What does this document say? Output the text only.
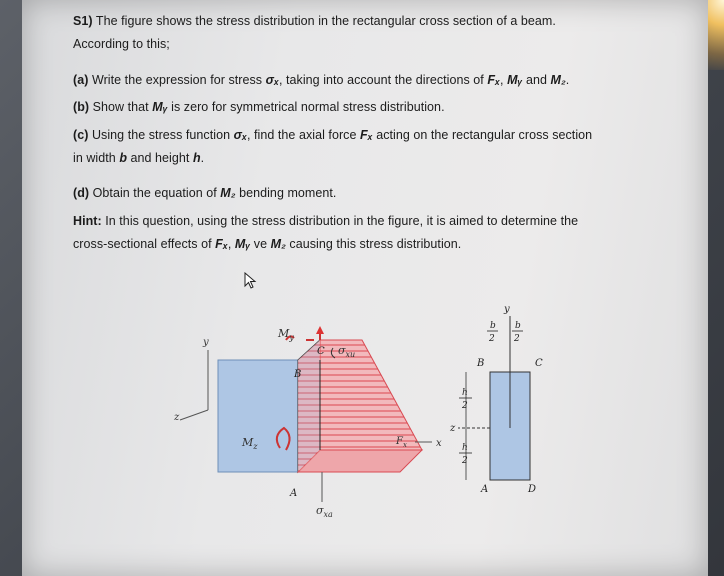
S1) The figure shows the stress distribution in the rectangular cross section of a beam.
According to this;
(a) Write the expression for stress σₓ, taking into account the directions of Fₓ, Mᵧ and M₂.
(b) Show that Mᵧ is zero for symmetrical normal stress distribution.
(c) Using the stress function σₓ, find the axial force Fₓ acting on the rectangular cross section
in width b and height h.
(d) Obtain the equation of M₂ bending moment.
Hint: In this question, using the stress distribution in the figure, it is aimed to determine the
cross-sectional effects of Fₓ, Mᵧ ve M₂ causing this stress distribution.
y
z
$M_y$
C $\sigma_{xu}$
B
$M_z$	$F_x$	x
A
$\sigma_{xa}$
y
b
2
b
2
z
B	C
A	D
h
2
h
2
